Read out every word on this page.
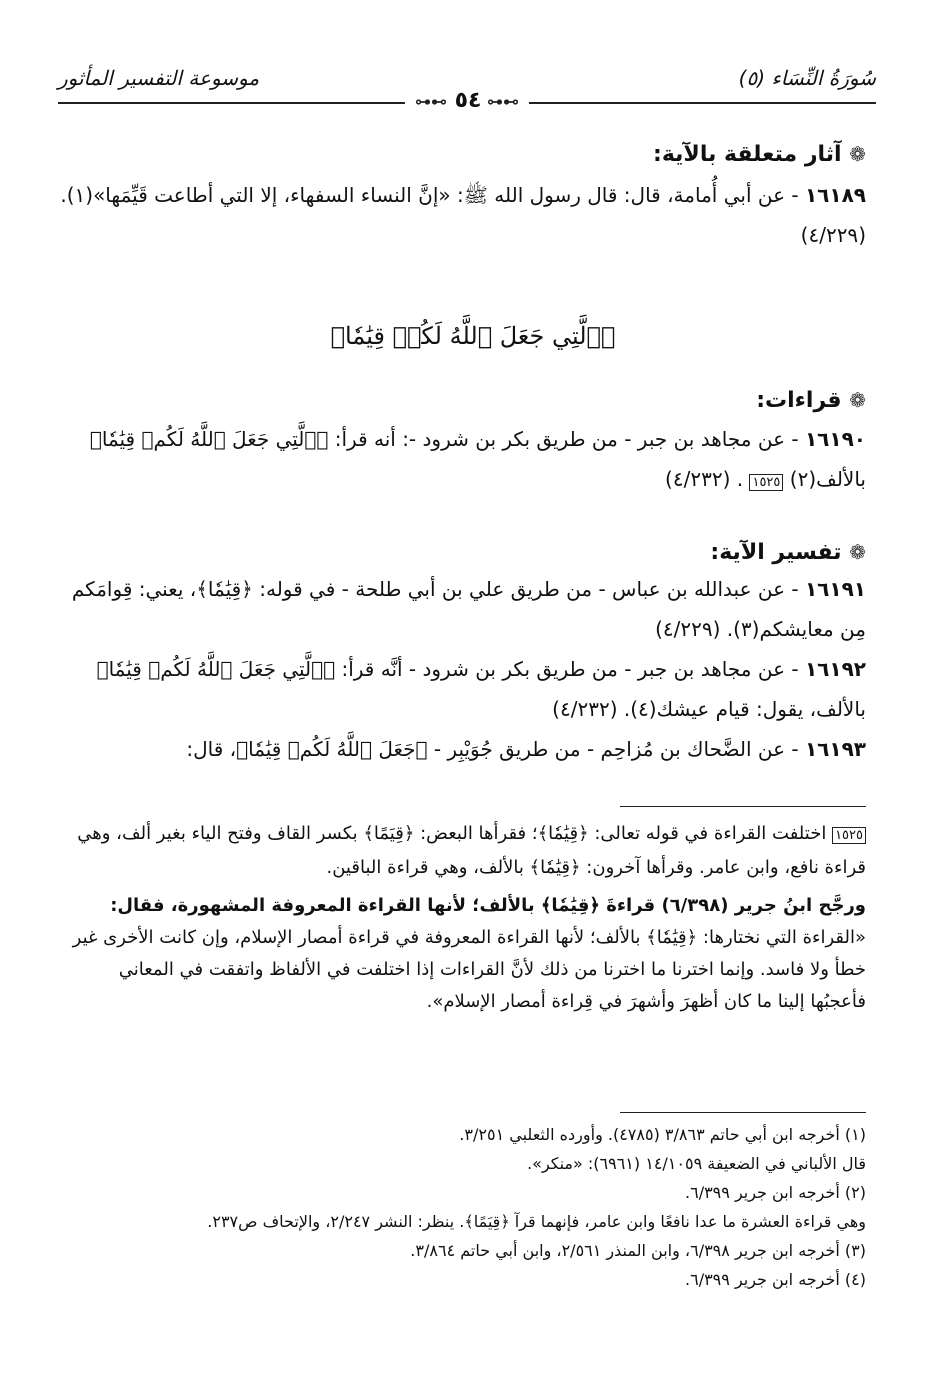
سُورَةُ النِّسَاء (٥)
موسوعة التفسير المأثور
⊶⊷ ٥٤ ⊶⊷
❁ آثار متعلقة بالآية:
١٦١٨٩ - عن أبي أُمامة، قال: قال رسول الله ﷺ: «إنَّ النساء السفهاء، إلا التي أطاعت قَيِّمَها»(١). (٤/٢٢٩)
﴿ٱلَّتِي جَعَلَ ٱللَّهُ لَكُمۡ قِيَٰمٗا﴾
❁ قراءات:
١٦١٩٠ - عن مجاهد بن جبر - من طريق بكر بن شرود -: أنه قرأ: ﴿ٱلَّتِي جَعَلَ ٱللَّهُ لَكُمۡ قِيَٰمٗا﴾ بالألف(٢) ١٥٢٥ . (٤/٢٣٢)
❁ تفسير الآية:
١٦١٩١ - عن عبدالله بن عباس - من طريق علي بن أبي طلحة - في قوله: ﴿قِيَٰمٗا﴾، يعني: قِوامَكم مِن معايشكم(٣). (٤/٢٢٩)
١٦١٩٢ - عن مجاهد بن جبر - من طريق بكر بن شرود - أنَّه قرأ: ﴿ٱلَّتِي جَعَلَ ٱللَّهُ لَكُمۡ قِيَٰمٗا﴾ بالألف، يقول: قيام عيشك(٤). (٤/٢٣٢)
١٦١٩٣ - عن الضَّحاك بن مُزاحِم - من طريق جُوَيْبِر - ﴿جَعَلَ ٱللَّهُ لَكُمۡ قِيَٰمٗا﴾، قال:
١٥٢٥ اختلفت القراءة في قوله تعالى: ﴿قِيَٰمٗا﴾؛ فقرأها البعض: ﴿قِيَمًا﴾ بكسر القاف وفتح الياء بغير ألف، وهي قراءة نافع، وابن عامر. وقرأها آخرون: ﴿قِيَٰمٗا﴾ بالألف، وهي قراءة الباقين.
ورجَّح ابنُ جرير (٦/٣٩٨) قراءةَ ﴿قِيَٰمٗا﴾ بالألف؛ لأنها القراءة المعروفة المشهورة، فقال: «القراءة التي نختارها: ﴿قِيَٰمٗا﴾ بالألف؛ لأنها القراءة المعروفة في قراءة أمصار الإسلام، وإن كانت الأخرى غير خطأ ولا فاسد. وإنما اخترنا ما اخترنا من ذلك لأنَّ القراءات إذا اختلفت في الألفاظ واتفقت في المعاني فأعجبُها إلينا ما كان أظهرَ وأشهرَ في قِراءة أمصار الإسلام».
(١) أخرجه ابن أبي حاتم ٣/٨٦٣ (٤٧٨٥). وأورده الثعلبي ٣/٢٥١.
قال الألباني في الضعيفة ١٤/١٠٥٩ (٦٩٦١): «منكر».
(٢) أخرجه ابن جرير ٦/٣٩٩.
وهي قراءة العشرة ما عدا نافعًا وابن عامر، فإنهما قرآ ﴿قِيَمًا﴾. ينظر: النشر ٢/٢٤٧، والإتحاف ص٢٣٧.
(٣) أخرجه ابن جرير ٦/٣٩٨، وابن المنذر ٢/٥٦١، وابن أبي حاتم ٣/٨٦٤.
(٤) أخرجه ابن جرير ٦/٣٩٩.
